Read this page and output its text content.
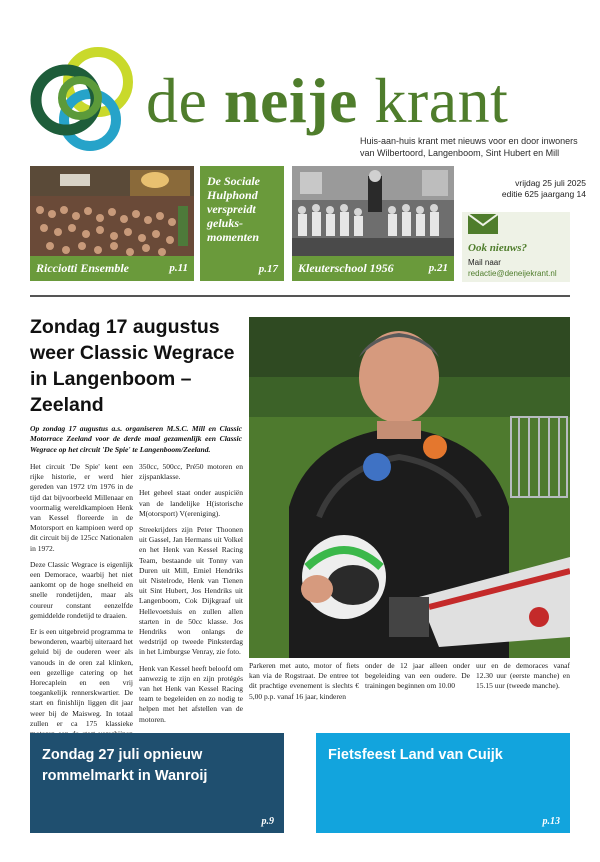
de neije krant
Huis-aan-huis krant met nieuws voor en door inwoners
van Wilbertoord, Langenboom, Sint Hubert en Mill
Ricciotti Ensemble	p.11
De Sociale Hulphond verspreidt geluks-momenten
p.17 Kleuterschool 1956	p.21
vrijdag 25 juli 2025
editie 625 jaargang 14
Ook nieuws?
Mail naar
redactie@deneijekrant.nl
Zondag 17 augustus weer Classic Wegrace in Langenboom – Zeeland
Op zondag 17 augustus a.s. organiseren M.S.C. Mill en Classic Motorrace Zeeland voor de derde maal gezamenlijk een Classic Wegrace op het circuit 'De Spie' te Langenboom/Zeeland.

Het circuit 'De Spie' kent een rijke historie, er werd hier gereden van 1972 t/m 1976 in de tijd dat bijvoorbeeld Millenaar en voormalig wereldkampioen Henk van Kessel floreerde in de Motorsport en kampioen werd op dit circuit bij de 125cc Nationalen in 1972.

Deze Classic Wegrace is eigenlijk een Demorace, waarbij het niet aankomt op de hoge snelheid en snelle rondetijden, maar als coureur constant eenzelfde gemiddelde rondetijd te draaien.

Er is een uitgebreid programma te bewonderen, waarbij uiteraard het geluid bij de ouderen weer als vanouds in de oren zal klinken, een gezellige catering op het Horecaplein en een vrij toegankelijk rennerskwartier. De start en finishlijn liggen dit jaar weer bij de Maisweg. In totaal zullen er ca 175 klassieke

350cc, 500cc, Pré50 motoren en zijspanklasse.

Het geheel staat onder auspiciën van de landelijke H(istorische M(otorsport) V(ereniging).

Streekrijders zijn Peter Thoonen uit Gassel, Jan Hermans uit Volkel en het Henk van Kessel Racing Team, bestaande uit Tonny van Duren uit Mill, Emiel Hendriks uit Nistelrode, Henk van Tienen uit Sint Hubert, Jos Hendriks uit Langenboom, Cok Dijkgraaf uit Hellevoetsluis en zullen allen starten in de 50cc klasse. Jos Hendriks won onlangs de wedstrijd op tweede Pinksterdag in het Limburgse Venray, zie foto.

Henk van Kessel heeft beloofd om aanwezig te zijn en zijn protégés van het Henk van Kessel Racing team te begeleiden en zo nodig te helpen met het afstellen van de motoren.

Parkeren met auto, motor of fiets kan via de Rogstraat. De entree tot dit prachtige evenement is slechts € 5,00 p.p. vanaf 16 jaar, kinderen
onder de 12 jaar alleen onder begeleiding van een oudere. De trainingen beginnen om 10.00
uur en de demoraces vanaf 12.30 uur (eerste manche) en 15.15 uur (tweede manche).
Zondag 27 juli opnieuw rommelmarkt in Wanroij
p.9
Fietsfeest Land van Cuijk
p.13
